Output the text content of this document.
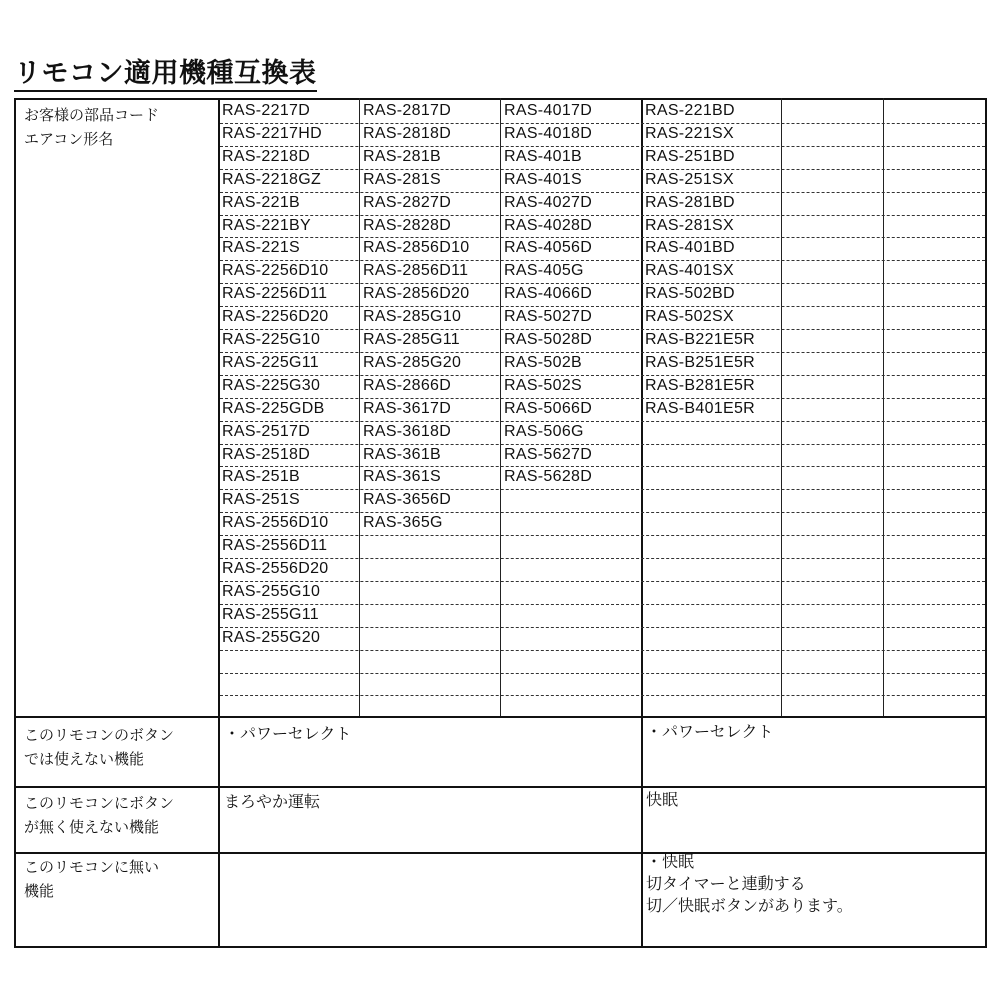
リモコン適用機種互換表
お客様の部品コード
エアコン形名
このリモコンのボタン
では使えない機能
このリモコンにボタン
が無く使えない機能
このリモコンに無い
機能
・パワーセレクト	・パワーセレクト
まろやか運転	快眠
・快眠
切タイマーと連動する
切／快眠ボタンがあります。
RAS-2217D
RAS-2217HD
RAS-2218D
RAS-2218GZ
RAS-221B
RAS-221BY
RAS-221S
RAS-2256D10
RAS-2256D11
RAS-2256D20
RAS-225G10
RAS-225G11
RAS-225G30
RAS-225GDB
RAS-2517D
RAS-2518D
RAS-251B
RAS-251S
RAS-2556D10
RAS-2556D11
RAS-2556D20
RAS-255G10
RAS-255G11
RAS-255G20
RAS-2817D
RAS-2818D
RAS-281B
RAS-281S
RAS-2827D
RAS-2828D
RAS-2856D10
RAS-2856D11
RAS-2856D20
RAS-285G10
RAS-285G11
RAS-285G20
RAS-2866D
RAS-3617D
RAS-3618D
RAS-361B
RAS-361S
RAS-3656D
RAS-365G
RAS-4017D
RAS-4018D
RAS-401B
RAS-401S
RAS-4027D
RAS-4028D
RAS-4056D
RAS-405G
RAS-4066D
RAS-5027D
RAS-5028D
RAS-502B
RAS-502S
RAS-5066D
RAS-506G
RAS-5627D
RAS-5628D
RAS-221BD
RAS-221SX
RAS-251BD
RAS-251SX
RAS-281BD
RAS-281SX
RAS-401BD
RAS-401SX
RAS-502BD
RAS-502SX
RAS-B221E5R
RAS-B251E5R
RAS-B281E5R
RAS-B401E5R
